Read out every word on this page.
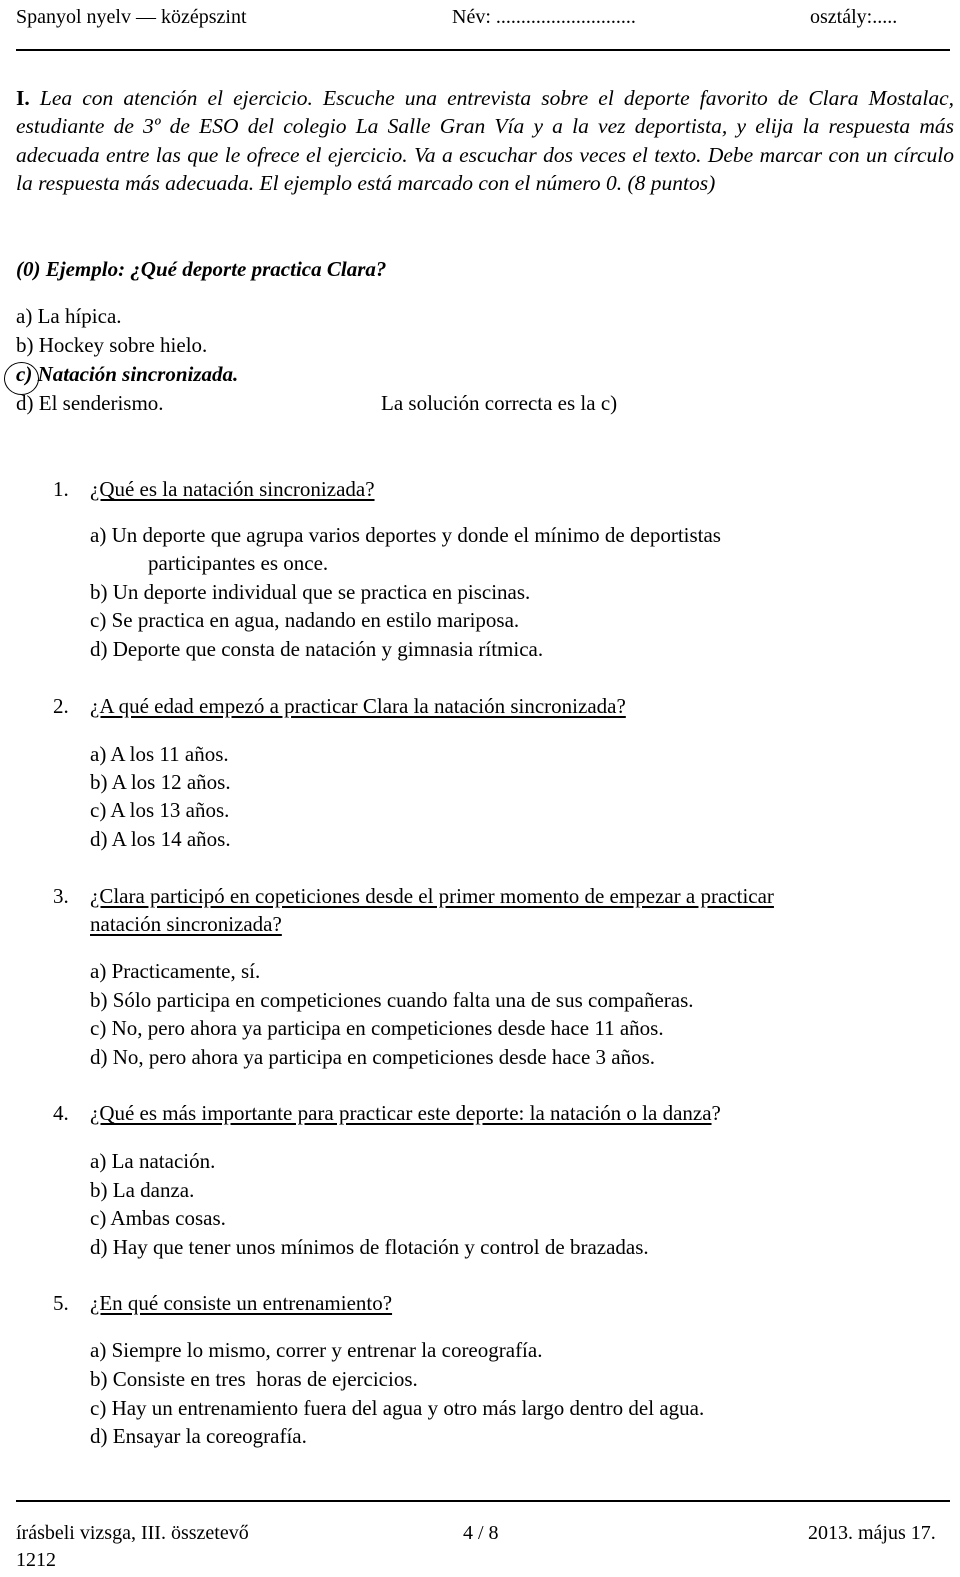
Spanyol nyelv — középszint	Név: ............................	osztály:.....
I. Lea con atención el ejercicio. Escuche una entrevista sobre el deporte favorito de Clara Mostalac, estudiante de 3º de ESO del colegio La Salle Gran Vía y a la vez deportista, y elija la respuesta más adecuada entre las que le ofrece el ejercicio. Va a escuchar dos veces el texto. Debe marcar con un círculo la respuesta más adecuada. El ejemplo está marcado con el número 0. (8 puntos)
(0) Ejemplo: ¿Qué deporte practica Clara?
a) La hípica.
b) Hockey sobre hielo.
c) Natación sincronizada.
d) El senderismo.	La solución correcta es la c)
1. ¿Qué es la natación sincronizada?
a) Un deporte que agrupa varios deportes y donde el mínimo de deportistas
participantes es once.
b) Un deporte individual que se practica en piscinas.
c) Se practica en agua, nadando en estilo mariposa.
d) Deporte que consta de natación y gimnasia rítmica.
2. ¿A qué edad empezó a practicar Clara la natación sincronizada?
a) A los 11 años.
b) A los 12 años.
c) A los 13 años.
d) A los 14 años.
3. ¿Clara participó en copeticiones desde el primer momento de empezar a practicar
natación sincronizada?
a) Practicamente, sí.
b) Sólo participa en competiciones cuando falta una de sus compañeras.
c) No, pero ahora ya participa en competiciones desde hace 11 años.
d) No, pero ahora ya participa en competiciones desde hace 3 años.
4. ¿Qué es más importante para practicar este deporte: la natación o la danza?
a) La natación.
b) La danza.
c) Ambas cosas.
d) Hay que tener unos mínimos de flotación y control de brazadas.
5. ¿En qué consiste un entrenamiento?
a) Siempre lo mismo, correr y entrenar la coreografía.
b) Consiste en tres  horas de ejercicios.
c) Hay un entrenamiento fuera del agua y otro más largo dentro del agua.
d) Ensayar la coreografía.
írásbeli vizsga, III. összetevő
1212
4 / 8	2013. május 17.
